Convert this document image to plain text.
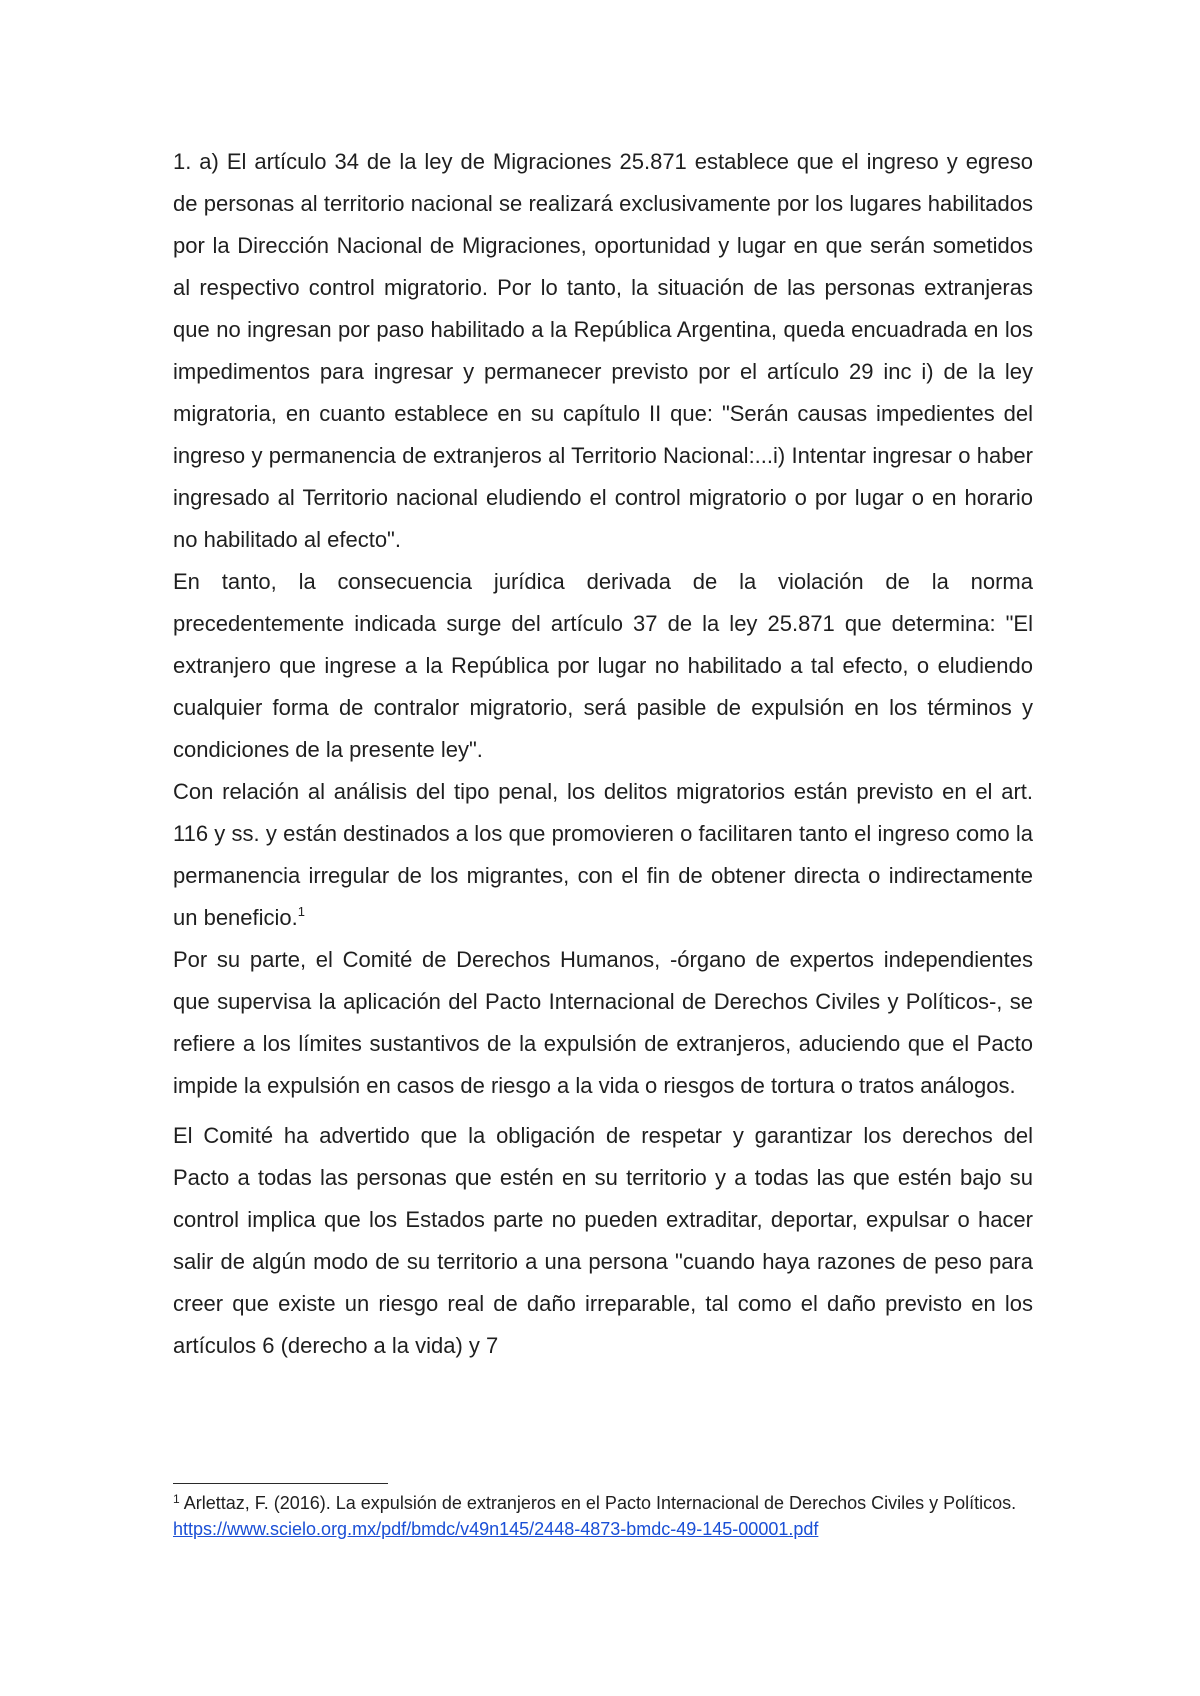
1. a) El artículo 34 de la ley de Migraciones 25.871 establece que el ingreso y egreso de personas al territorio nacional se realizará exclusivamente por los lugares habilitados por la Dirección Nacional de Migraciones, oportunidad y lugar en que serán sometidos al respectivo control migratorio. Por lo tanto, la situación de las personas extranjeras que no ingresan por paso habilitado a la República Argentina, queda encuadrada en los impedimentos para ingresar y permanecer previsto por el artículo 29 inc i) de la ley migratoria, en cuanto establece en su capítulo II que: "Serán causas impedientes del ingreso y permanencia de extranjeros al Territorio Nacional:...i) Intentar ingresar o haber ingresado al Territorio nacional eludiendo el control migratorio o por lugar o en horario no habilitado al efecto".

En tanto, la consecuencia jurídica derivada de la violación de la norma precedentemente indicada surge del artículo 37 de la ley 25.871 que determina: "El extranjero que ingrese a la República por lugar no habilitado a tal efecto, o eludiendo cualquier forma de contralor migratorio, será pasible de expulsión en los términos y condiciones de la presente ley".

Con relación al análisis del tipo penal, los delitos migratorios están previsto en el art. 116 y ss. y están destinados a los que promovieren o facilitaren tanto el ingreso como la permanencia irregular de los migrantes, con el fin de obtener directa o indirectamente un beneficio.$^1$

Por su parte, el Comité de Derechos Humanos, -órgano de expertos independientes que supervisa la aplicación del Pacto Internacional de Derechos Civiles y Políticos-, se refiere a los límites sustantivos de la expulsión de extranjeros, aduciendo que el Pacto impide la expulsión en casos de riesgo a la vida o riesgos de tortura o tratos análogos.

El Comité ha advertido que la obligación de respetar y garantizar los derechos del Pacto a todas las personas que estén en su territorio y a todas las que estén bajo su control implica que los Estados parte no pueden extraditar, deportar, expulsar o hacer salir de algún modo de su territorio a una persona "cuando haya razones de peso para creer que existe un riesgo real de daño irreparable, tal como el daño previsto en los artículos 6 (derecho a la vida) y 7

$^1$ Arlettaz, F. (2016). La expulsión de extranjeros en el Pacto Internacional de Derechos Civiles y Políticos. https://www.scielo.org.mx/pdf/bmdc/v49n145/2448-4873-bmdc-49-145-00001.pdf
